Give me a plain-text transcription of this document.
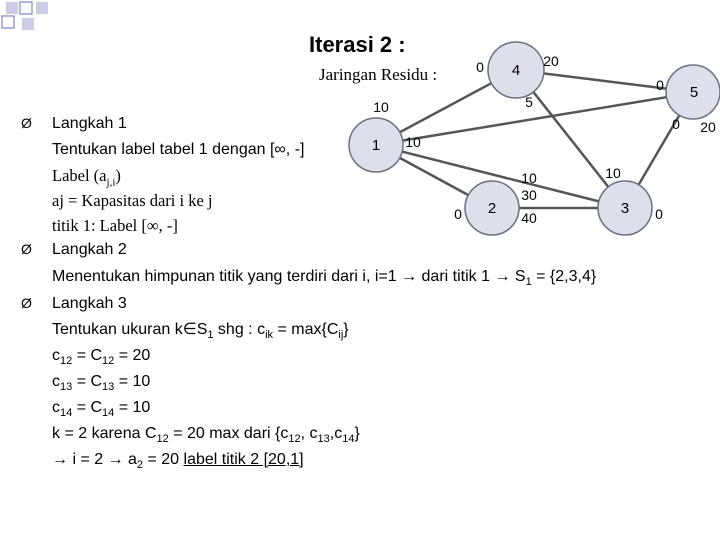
Iterasi 2 :
Jaringan Residu :	4
5
1
2	3
0	20
0
5
10
0 20
10
10
30
10
0	40	0
Ø
Ø
Ø
Langkah 1
Tentukan label tabel 1 dengan [∞, -]
Label $(a_{j,i})$
aj = Kapasitas dari i ke j
titik 1: Label [∞, -]
Langkah 2
Menentukan himpunan titik yang terdiri dari i, i=1 → dari titik $1 \to S_1 = \{2,3,4\}$
Langkah 3
Tentukan ukuran $k\in S_1$ shg : $c_{ik} = \max\{C_{ij}\}$
$c_{12} = C_{12} = 20$
$c_{13} = C_{13} = 10$
$c_{14} = C_{14} = 10$
k = 2 karena $C_{12} = 20$ max dari {$c_{12}$, $c_{13},c_{14}$}
→ $i = 2 \to a_2 = 20$ label titik 2 [20,1]
